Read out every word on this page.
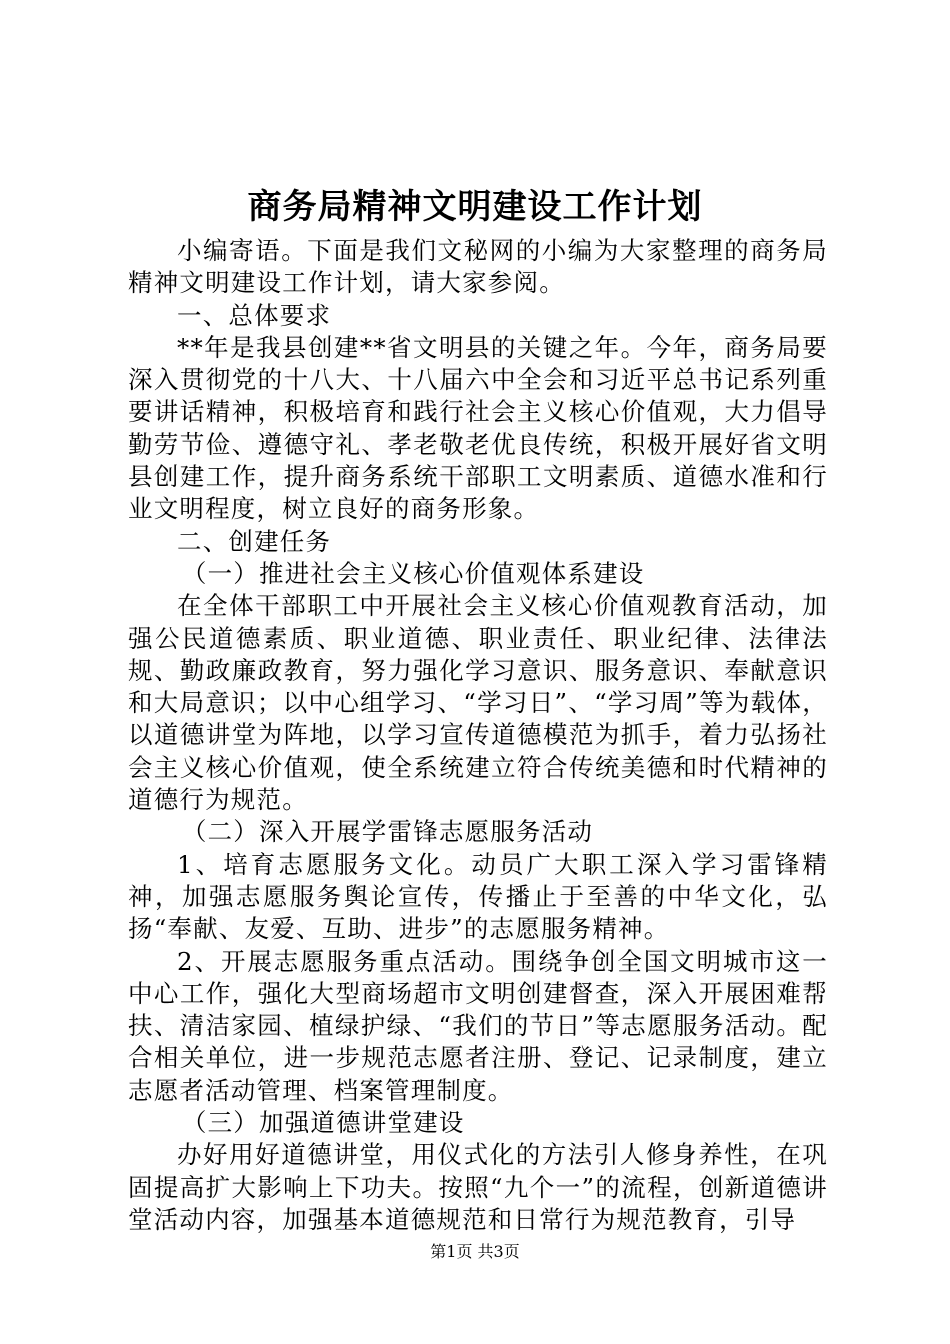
商务局精神文明建设工作计划

小编寄语。下面是我们文秘网的小编为大家整理的商务局精神文明建设工作计划，请大家参阅。

一、总体要求

**年是我县创建**省文明县的关键之年。今年，商务局要深入贯彻党的十八大、十八届六中全会和习近平总书记系列重要讲话精神，积极培育和践行社会主义核心价值观，大力倡导勤劳节俭、遵德守礼、孝老敬老优良传统，积极开展好省文明县创建工作，提升商务系统干部职工文明素质、道德水准和行业文明程度，树立良好的商务形象。

二、创建任务

（一）推进社会主义核心价值观体系建设

在全体干部职工中开展社会主义核心价值观教育活动，加强公民道德素质、职业道德、职业责任、职业纪律、法律法规、勤政廉政教育，努力强化学习意识、服务意识、奉献意识和大局意识；以中心组学习、“学习日”、“学习周”等为载体，以道德讲堂为阵地，以学习宣传道德模范为抓手，着力弘扬社会主义核心价值观，使全系统建立符合传统美德和时代精神的道德行为规范。

（二）深入开展学雷锋志愿服务活动

1、培育志愿服务文化。动员广大职工深入学习雷锋精神，加强志愿服务舆论宣传，传播止于至善的中华文化，弘扬“奉献、友爱、互助、进步”的志愿服务精神。

2、开展志愿服务重点活动。围绕争创全国文明城市这一中心工作，强化大型商场超市文明创建督查，深入开展困难帮扶、清洁家园、植绿护绿、“我们的节日”等志愿服务活动。配合相关单位，进一步规范志愿者注册、登记、记录制度，建立志愿者活动管理、档案管理制度。

（三）加强道德讲堂建设

办好用好道德讲堂，用仪式化的方法引人修身养性，在巩固提高扩大影响上下功夫。按照“九个一”的流程，创新道德讲堂活动内容，加强基本道德规范和日常行为规范教育，引导

第1页 共3页
